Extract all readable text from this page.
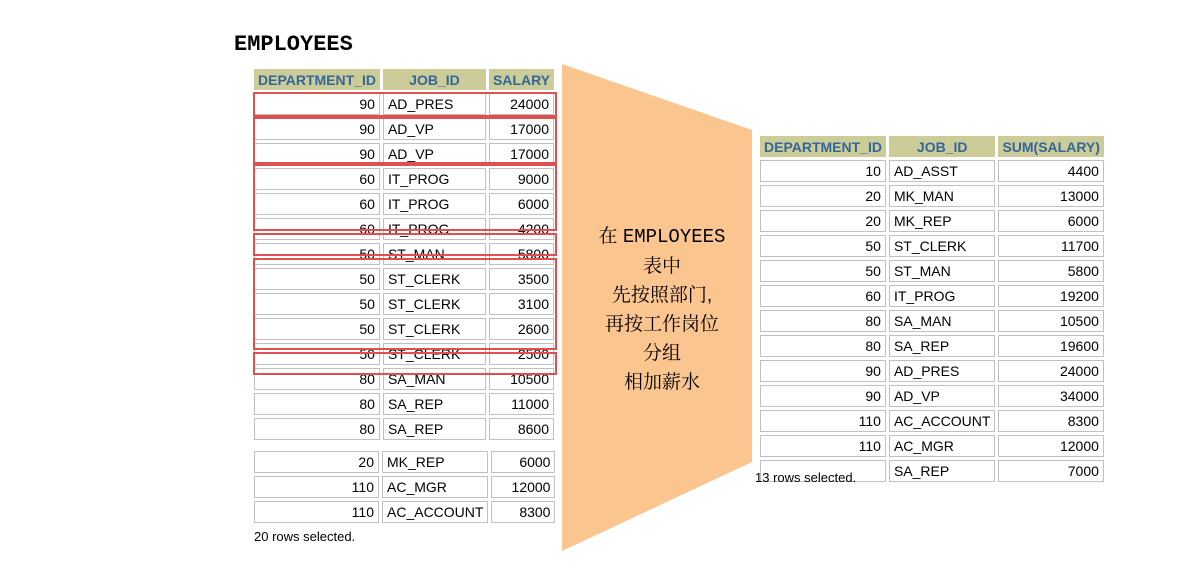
EMPLOYEES
DEPARTMENT_ID	JOB_ID	SALARY
90	AD_PRES	24000
90	AD_VP	17000
90	AD_VP	17000
60	IT_PROG	9000
60	IT_PROG	6000
60	IT_PROG	4200
50	ST_MAN	5800
50	ST_CLERK	3500
50	ST_CLERK	3100
50	ST_CLERK	2600
50	ST_CLERK	2500
80	SA_MAN	10500
80	SA_REP	11000
80	SA_REP	8600
20	MK_REP	6000
110	AC_MGR	12000
110	AC_ACCOUNT	8300
20 rows selected.
在 EMPLOYEES
表中
先按照部门,
再按工作岗位
分组
相加薪水
DEPARTMENT_ID	JOB_ID	SUM(SALARY)
10	AD_ASST	4400
20	MK_MAN	13000
20	MK_REP	6000
50	ST_CLERK	11700
50	ST_MAN	5800
60	IT_PROG	19200
80	SA_MAN	10500
80	SA_REP	19600
90	AD_PRES	24000
90	AD_VP	34000
110	AC_ACCOUNT	8300
110	AC_MGR	12000
	SA_REP	7000
13 rows selected.
